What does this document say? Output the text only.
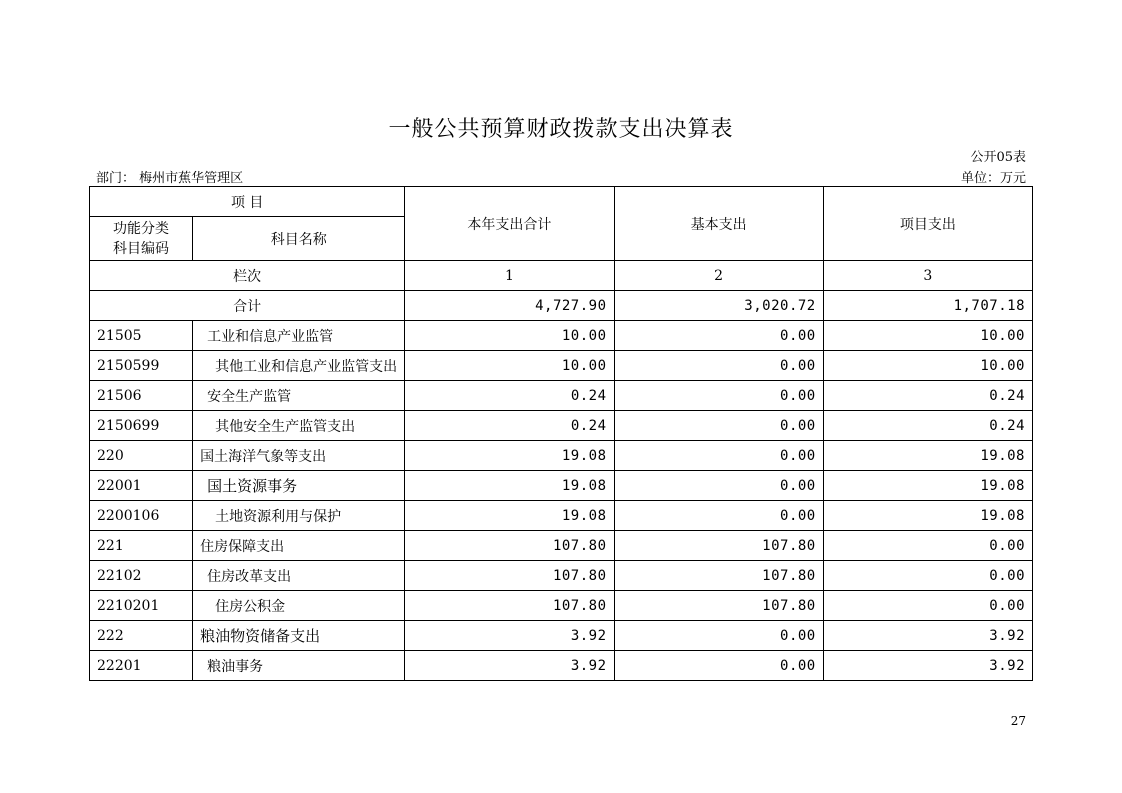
一般公共预算财政拨款支出决算表
公开05表
部门： 梅州市蕉华管理区	单位：万元
项 目		本年支出合计	基本支出	项目支出

功能分类
科目编码	科目名称			
栏次		1	2	3
合计		4,727.90	3,020.72	1,707.18
21505	工业和信息产业监管	10.00	0.00	10.00
2150599	其他工业和信息产业监管支出	10.00	0.00	10.00
21506	安全生产监管	0.24	0.00	0.24
2150699	其他安全生产监管支出	0.24	0.00	0.24
220	国土海洋气象等支出	19.08	0.00	19.08
22001	国土资源事务	19.08	0.00	19.08
2200106	土地资源利用与保护	19.08	0.00	19.08
221	住房保障支出	107.80	107.80	0.00
22102	住房改革支出	107.80	107.80	0.00
2210201	住房公积金	107.80	107.80	0.00
222	粮油物资储备支出	3.92	0.00	3.92
22201	粮油事务	3.92	0.00	3.92
27
